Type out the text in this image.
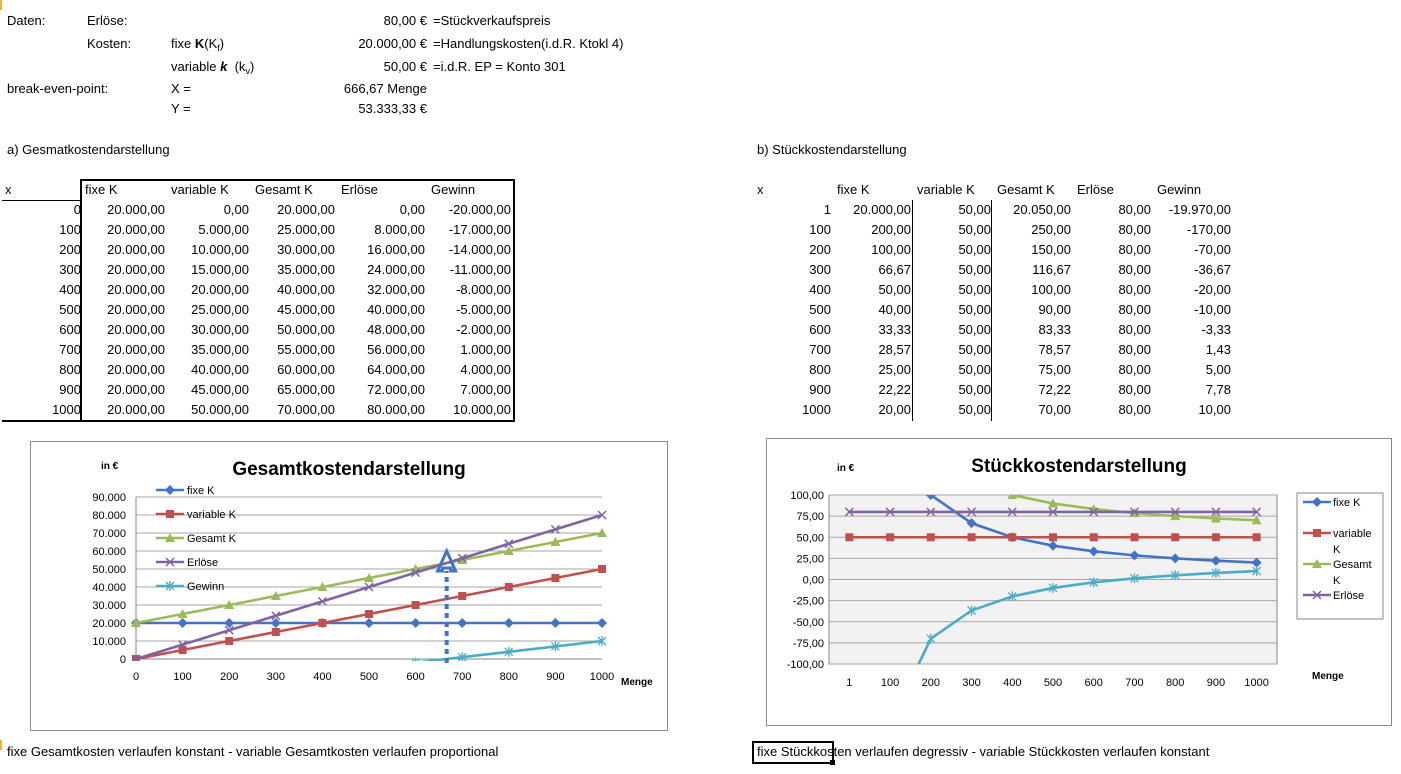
Daten:	Erlöse:	80,00 € =Stückverkaufspreis
Kosten:	fixe $K(K_f)$	20.000,00 € =Handlungskosten(i.d.R. Ktokl 4)
variable k  $(k_v)$	50,00 € =i.d.R. EP = Konto 301
break-even-point:	X =	666,67 Menge
Y =	53.333,33 €
a) Gesmatkostendarstellung	b) Stückkostendarstellung
x	fixe K	variable K	Gesamt K	Erlöse	Gewinn
0	20.000,00	0,00	20.000,00	0,00	-20.000,00
100	20.000,00	5.000,00	25.000,00	8.000,00	-17.000,00
200	20.000,00	10.000,00	30.000,00	16.000,00	-14.000,00
300	20.000,00	15.000,00	35.000,00	24.000,00	-11.000,00
400	20.000,00	20.000,00	40.000,00	32.000,00	-8.000,00
500	20.000,00	25.000,00	45.000,00	40.000,00	-5.000,00
600	20.000,00	30.000,00	50.000,00	48.000,00	-2.000,00
700	20.000,00	35.000,00	55.000,00	56.000,00	1.000,00
800	20.000,00	40.000,00	60.000,00	64.000,00	4.000,00
900	20.000,00	45.000,00	65.000,00	72.000,00	7.000,00
1000	20.000,00	50.000,00	70.000,00	80.000,00	10.000,00
x	fixe K	variable K	Gesamt K	Erlöse	Gewinn
1	20.000,00	50,00	20.050,00	80,00	-19.970,00
100	200,00	50,00	250,00	80,00	-170,00
200	100,00	50,00	150,00	80,00	-70,00
300	66,67	50,00	116,67	80,00	-36,67
400	50,00	50,00	100,00	80,00	-20,00
500	40,00	50,00	90,00	80,00	-10,00
600	33,33	50,00	83,33	80,00	-3,33
700	28,57	50,00	78,57	80,00	1,43
800	25,00	50,00	75,00	80,00	5,00
900	22,22	50,00	72,22	80,00	7,78
1000	20,00	50,00	70,00	80,00	10,00
fixe Gesamtkosten verlaufen konstant - variable Gesamtkosten verlaufen proportional	fixe Stückkosten verlaufen degressiv - variable Stückkosten verlaufen konstant
Gesamtkostendarstellung
in €
Menge
0
10.000
20.000
30.000
40.000
50.000
60.000
70.000
80.000
90.000
0	100	200	300	400	500	600	700	800	900 1000
fixe K
variable K
Gesamt K
Erlöse
Gewinn
Stückkostendarstellung
in €
Menge
-100,00
-75,00
-50,00
-25,00
0,00
25,00
50,00
75,00
100,00
1	100 200 300 400 500 600 700 800 900 1000
fixe K
variable
K
Gesamt
K
Erlöse
